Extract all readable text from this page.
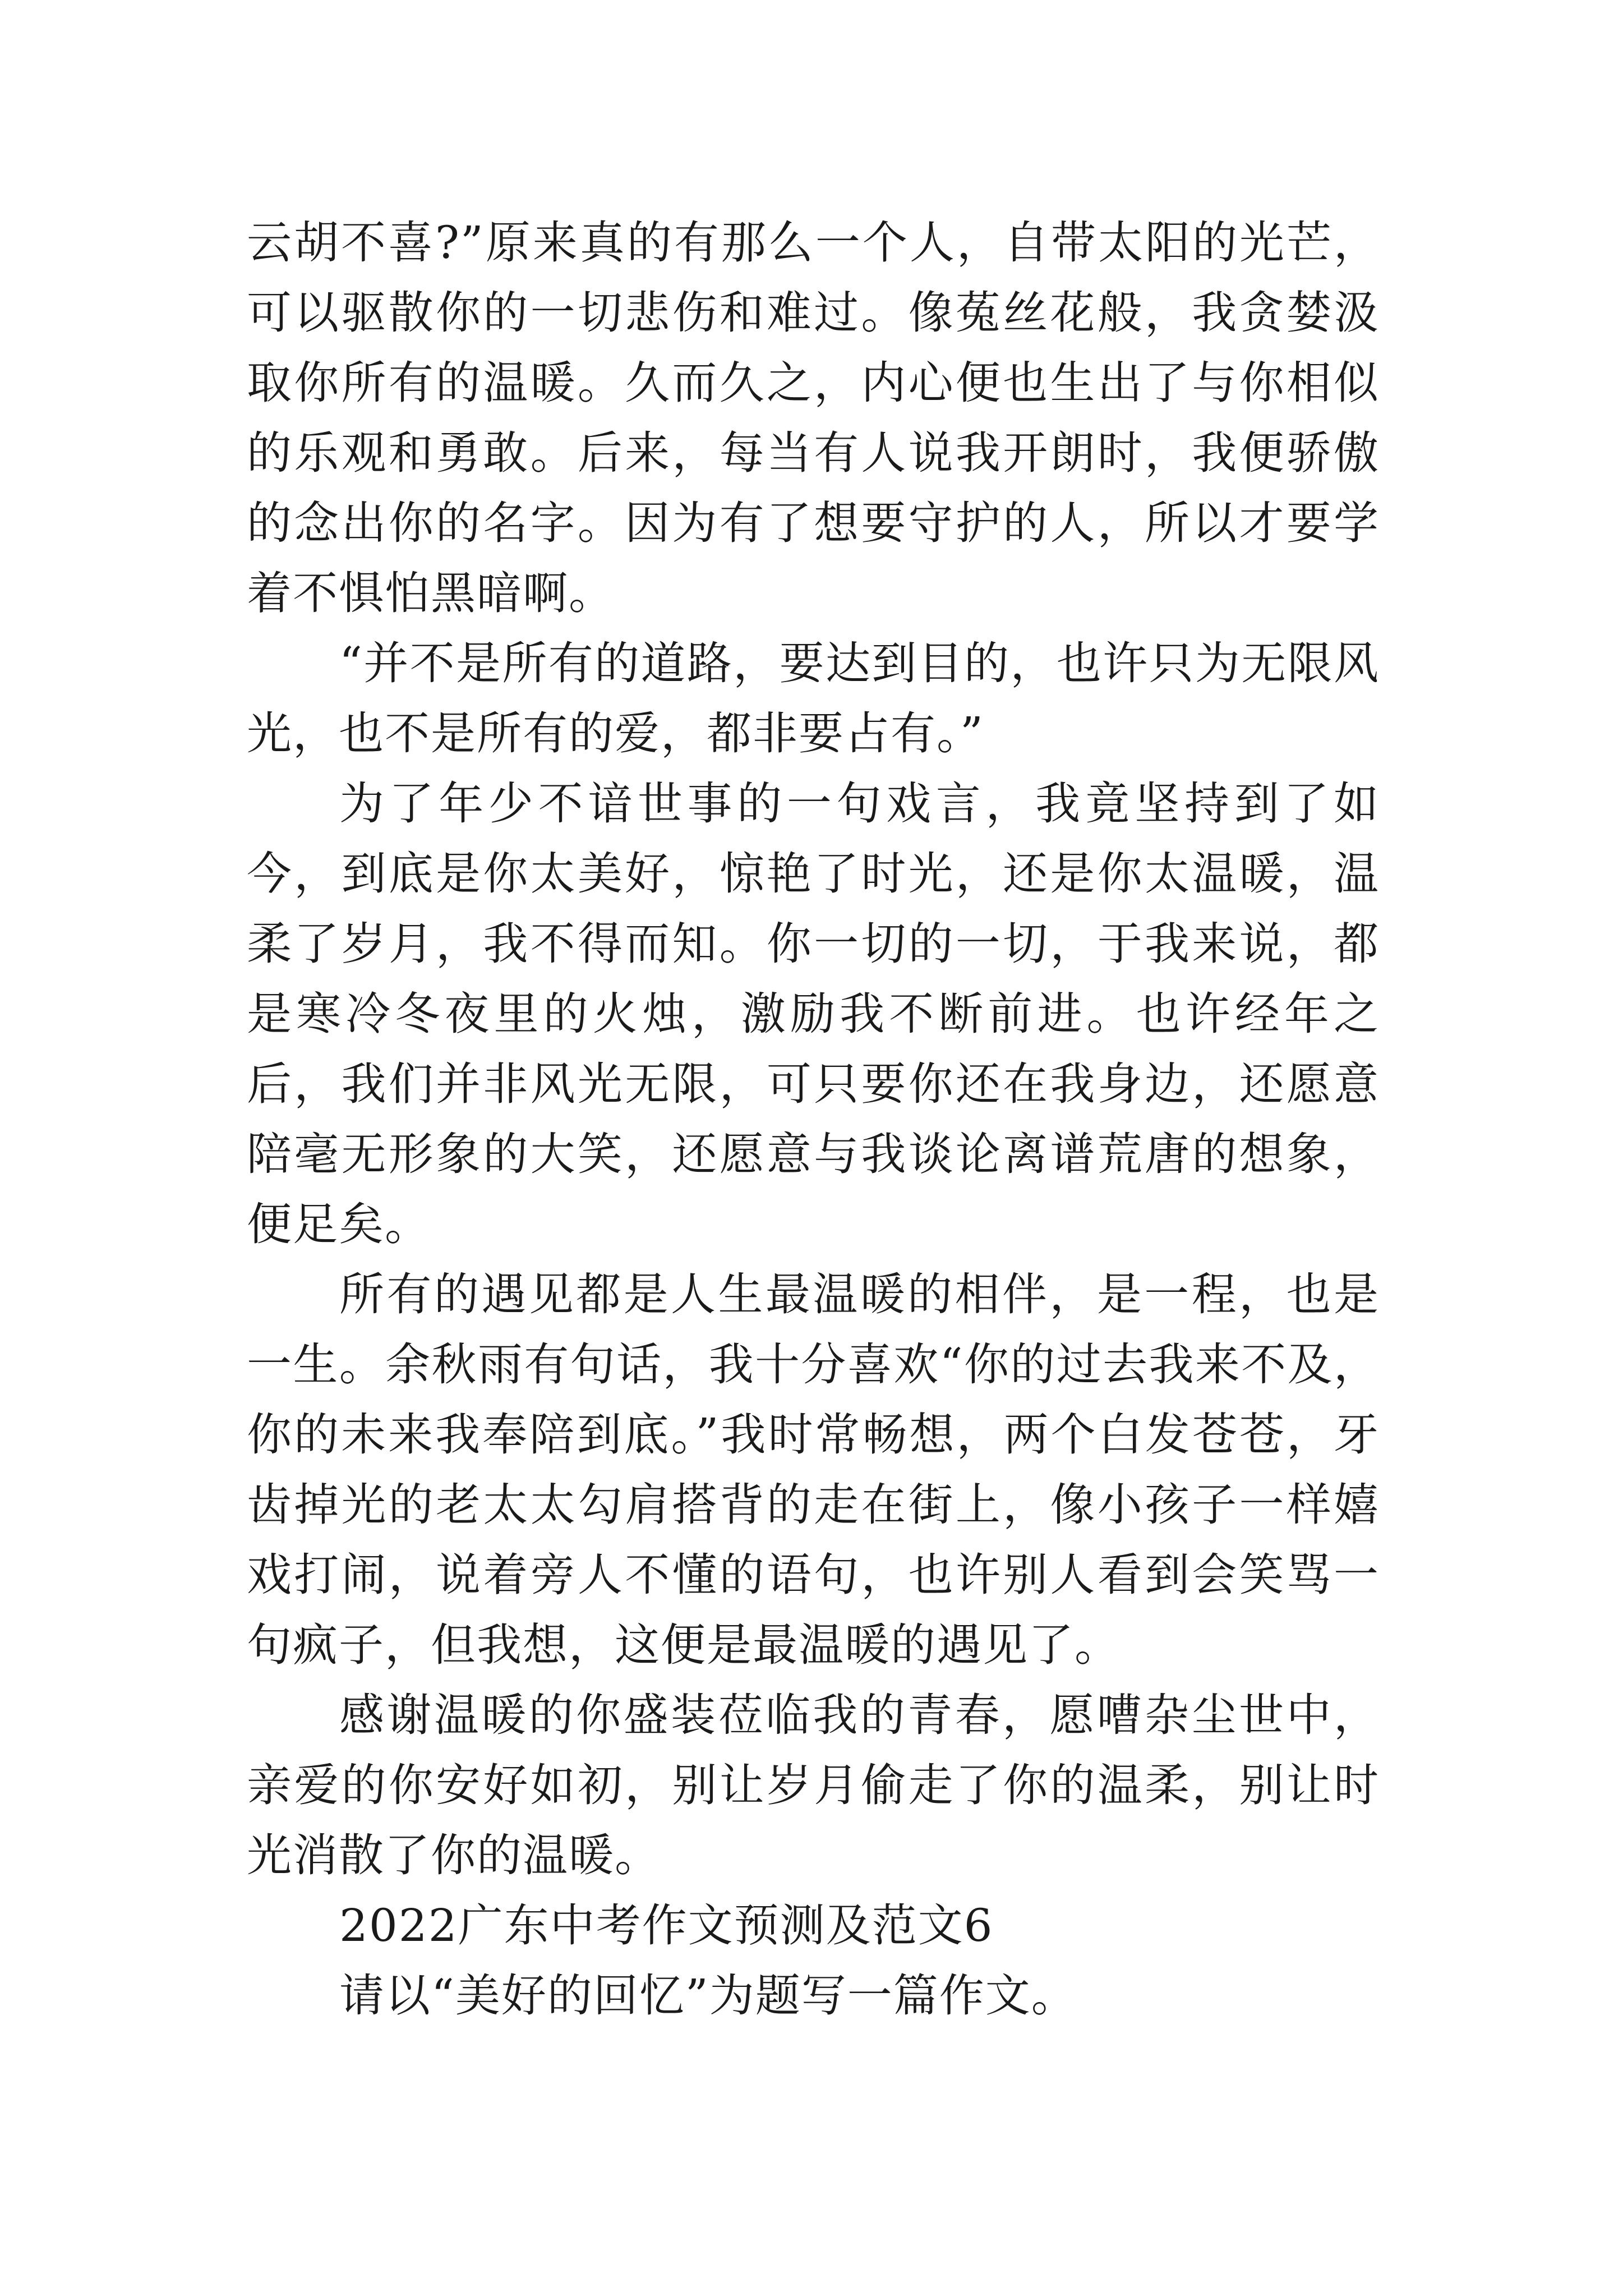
云胡不喜?”原来真的有那么一个人，自带太阳的光芒，可以驱散你的一切悲伤和难过。像菟丝花般，我贪婪汲取你所有的温暖。久而久之，内心便也生出了与你相似的乐观和勇敢。后来，每当有人说我开朗时，我便骄傲的念出你的名字。因为有了想要守护的人，所以才要学着不惧怕黑暗啊。

“并不是所有的道路，要达到目的，也许只为无限风光，也不是所有的爱，都非要占有。”

为了年少不谙世事的一句戏言，我竟坚持到了如今，到底是你太美好，惊艳了时光，还是你太温暖，温柔了岁月，我不得而知。你一切的一切，于我来说，都是寒冷冬夜里的火烛，激励我不断前进。也许经年之后，我们并非风光无限，可只要你还在我身边，还愿意陪毫无形象的大笑，还愿意与我谈论离谱荒唐的想象，便足矣。

所有的遇见都是人生最温暖的相伴，是一程，也是一生。余秋雨有句话，我十分喜欢“你的过去我来不及，你的未来我奉陪到底。”我时常畅想，两个白发苍苍，牙齿掉光的老太太勾肩搭背的走在街上，像小孩子一样嬉戏打闹，说着旁人不懂的语句，也许别人看到会笑骂一句疯子，但我想，这便是最温暖的遇见了。

感谢温暖的你盛装莅临我的青春，愿嘈杂尘世中，亲爱的你安好如初，别让岁月偷走了你的温柔，别让时光消散了你的温暖。

2022广东中考作文预测及范文6

请以“美好的回忆”为题写一篇作文。
